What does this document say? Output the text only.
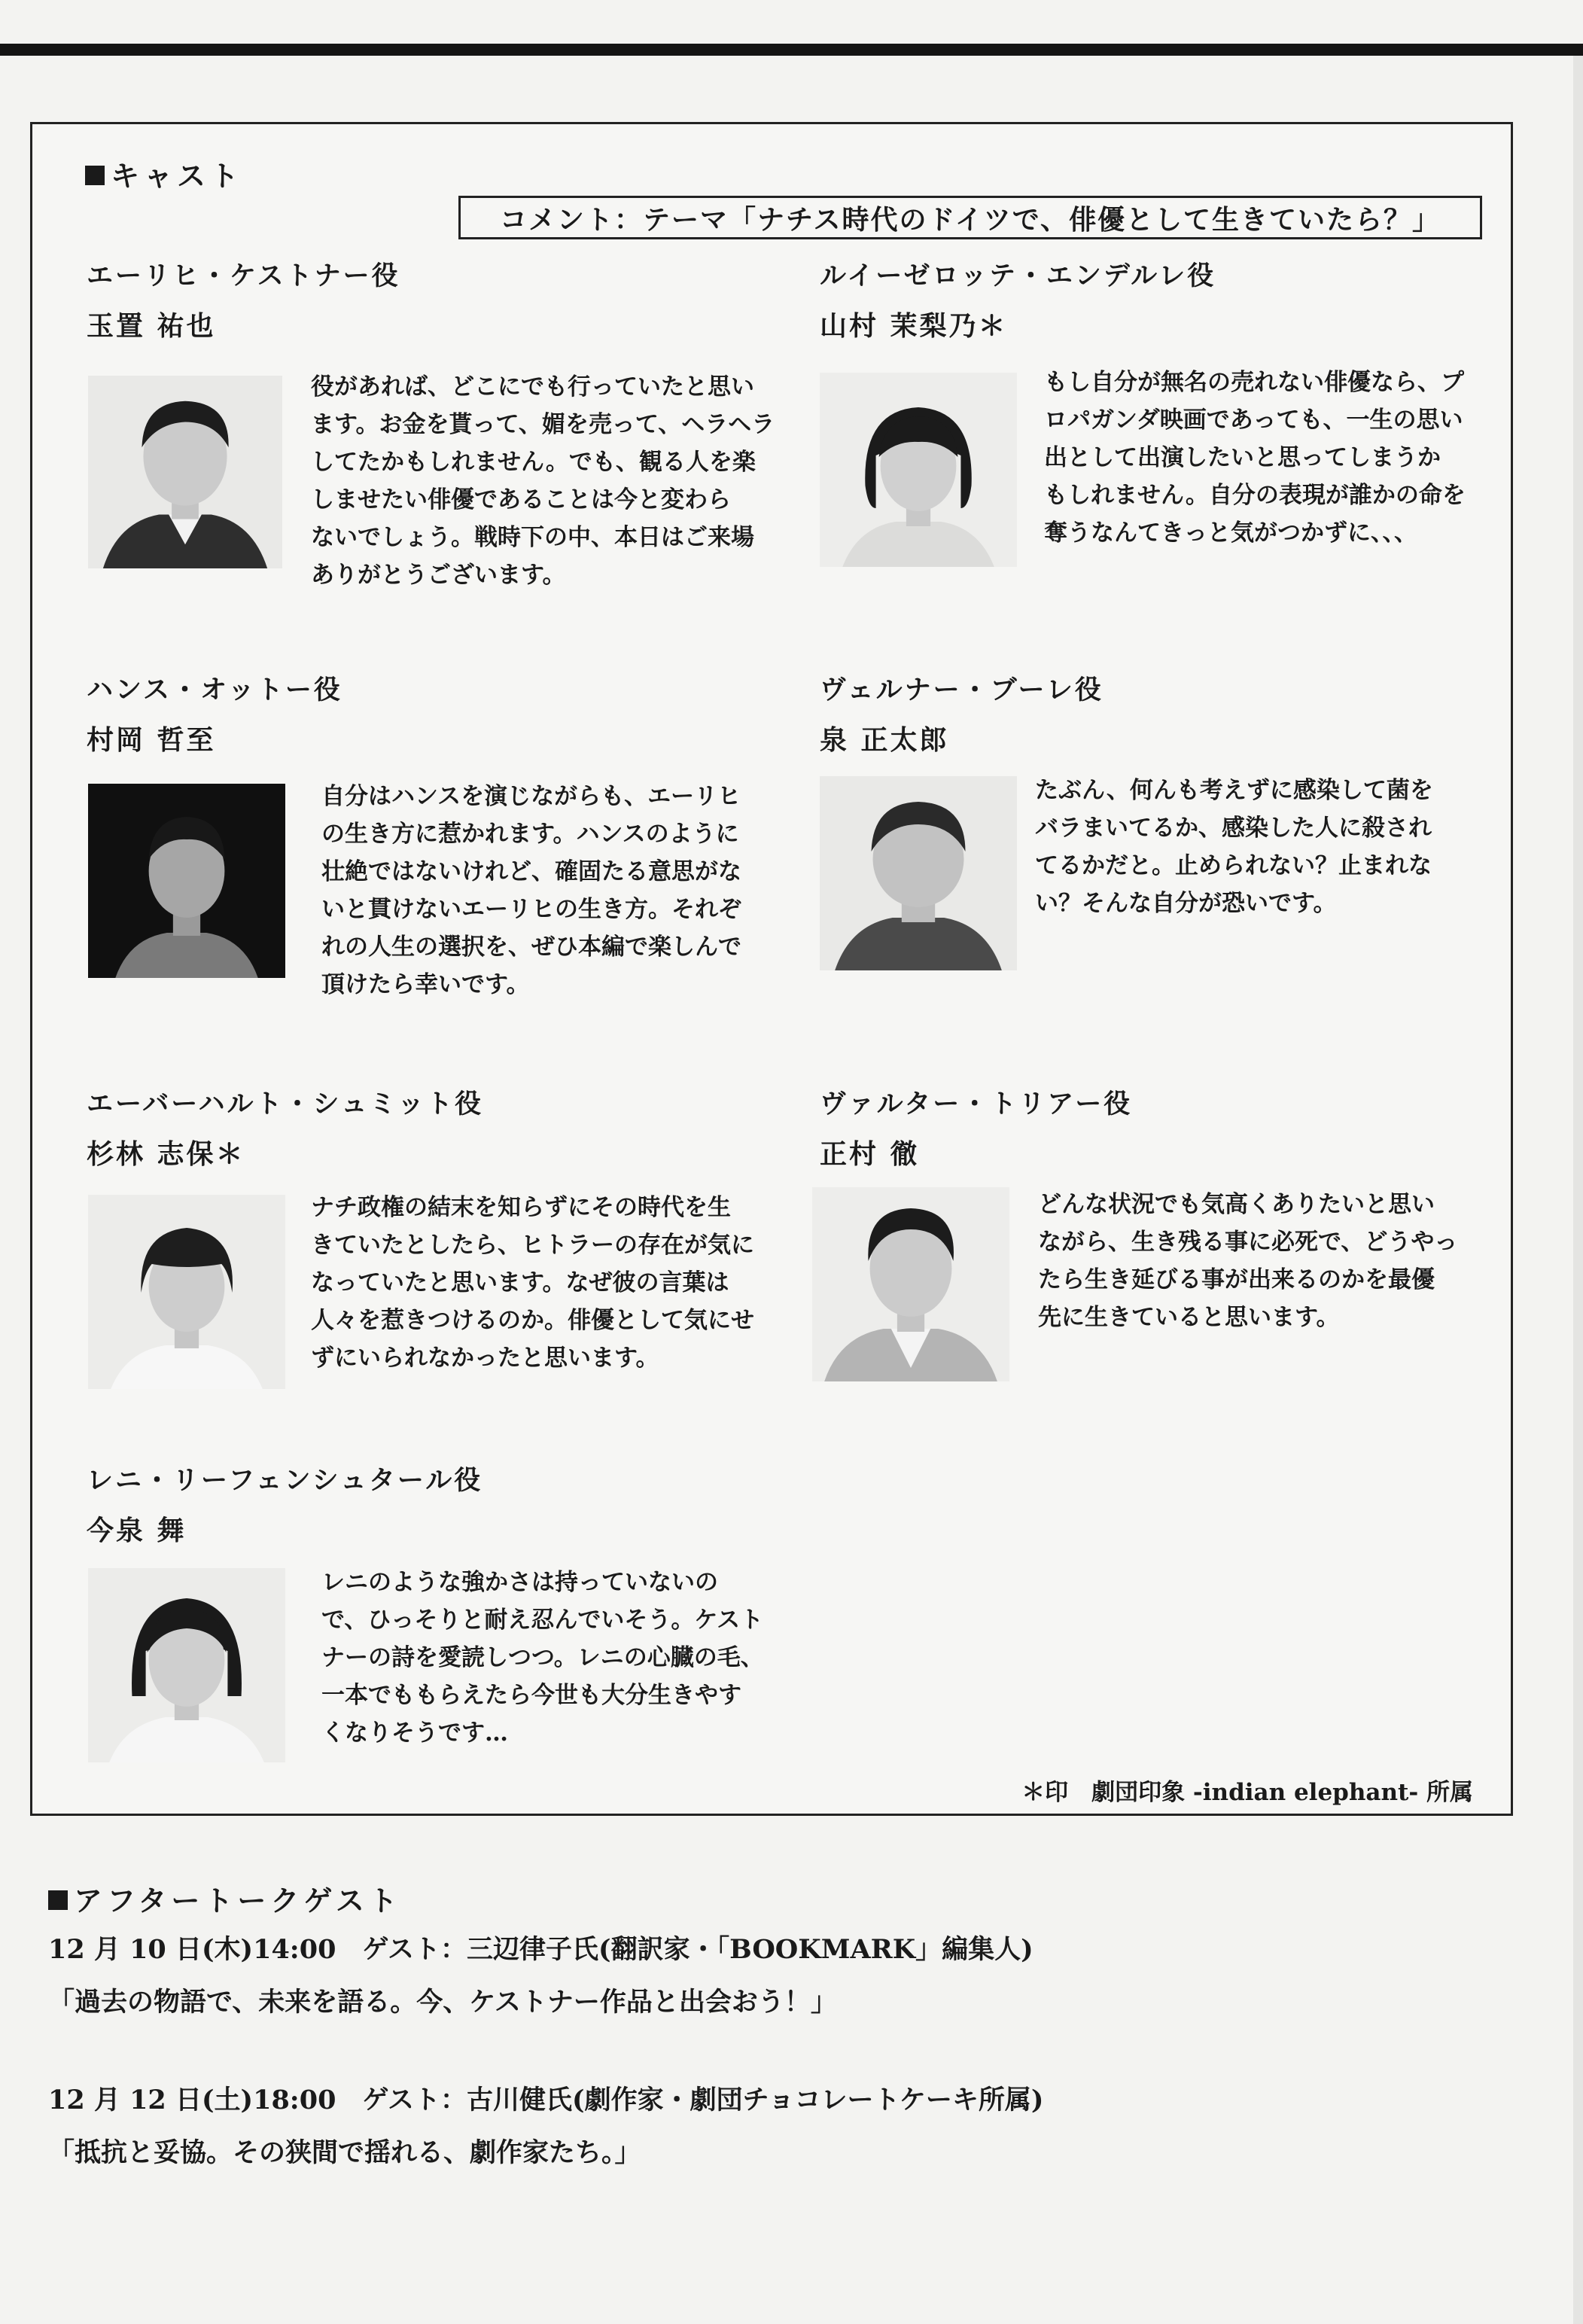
キャスト
コメント：テーマ「ナチス時代のドイツで、俳優として生きていたら？」
エーリヒ・ケストナー役
玉置 祐也
役があれば、どこにでも行っていたと思い
ます。お金を貰って、媚を売って、ヘラヘラ
してたかもしれません。でも、観る人を楽
しませたい俳優であることは今と変わら
ないでしょう。戦時下の中、本日はご来場
ありがとうございます。
ルイーゼロッテ・エンデルレ役
山村 茉梨乃＊
もし自分が無名の売れない俳優なら、プ
ロパガンダ映画であっても、一生の思い
出として出演したいと思ってしまうか
もしれません。自分の表現が誰かの命を
奪うなんてきっと気がつかずに、、、
ハンス・オットー役
村岡 哲至
自分はハンスを演じながらも、エーリヒ
の生き方に惹かれます。ハンスのように
壮絶ではないけれど、確固たる意思がな
いと貫けないエーリヒの生き方。それぞ
れの人生の選択を、ぜひ本編で楽しんで
頂けたら幸いです。
ヴェルナー・ブーレ役
泉 正太郎
たぶん、何んも考えずに感染して菌を
バラまいてるか、感染した人に殺され
てるかだと。止められない？止まれな
い？そんな自分が恐いです。
エーバーハルト・シュミット役
杉林 志保＊
ナチ政権の結末を知らずにその時代を生
きていたとしたら、ヒトラーの存在が気に
なっていたと思います。なぜ彼の言葉は
人々を惹きつけるのか。俳優として気にせ
ずにいられなかったと思います。
ヴァルター・トリアー役
正村 徹
どんな状況でも気高くありたいと思い
ながら、生き残る事に必死で、どうやっ
たら生き延びる事が出来るのかを最優
先に生きていると思います。
レニ・リーフェンシュタール役
今泉 舞
レニのような強かさは持っていないの
で、ひっそりと耐え忍んでいそう。ケスト
ナーの詩を愛読しつつ。レニの心臓の毛、
一本でももらえたら今世も大分生きやす
くなりそうです…
＊印　劇団印象 -indian elephant- 所属
アフタートークゲスト
12 月 10 日(木)14:00　ゲスト：三辺律子氏(翻訳家・「BOOKMARK」編集人)
「過去の物語で、未来を語る。今、ケストナー作品と出会おう！」
12 月 12 日(土)18:00　ゲスト：古川健氏(劇作家・劇団チョコレートケーキ所属)
「抵抗と妥協。その狭間で揺れる、劇作家たち。」
